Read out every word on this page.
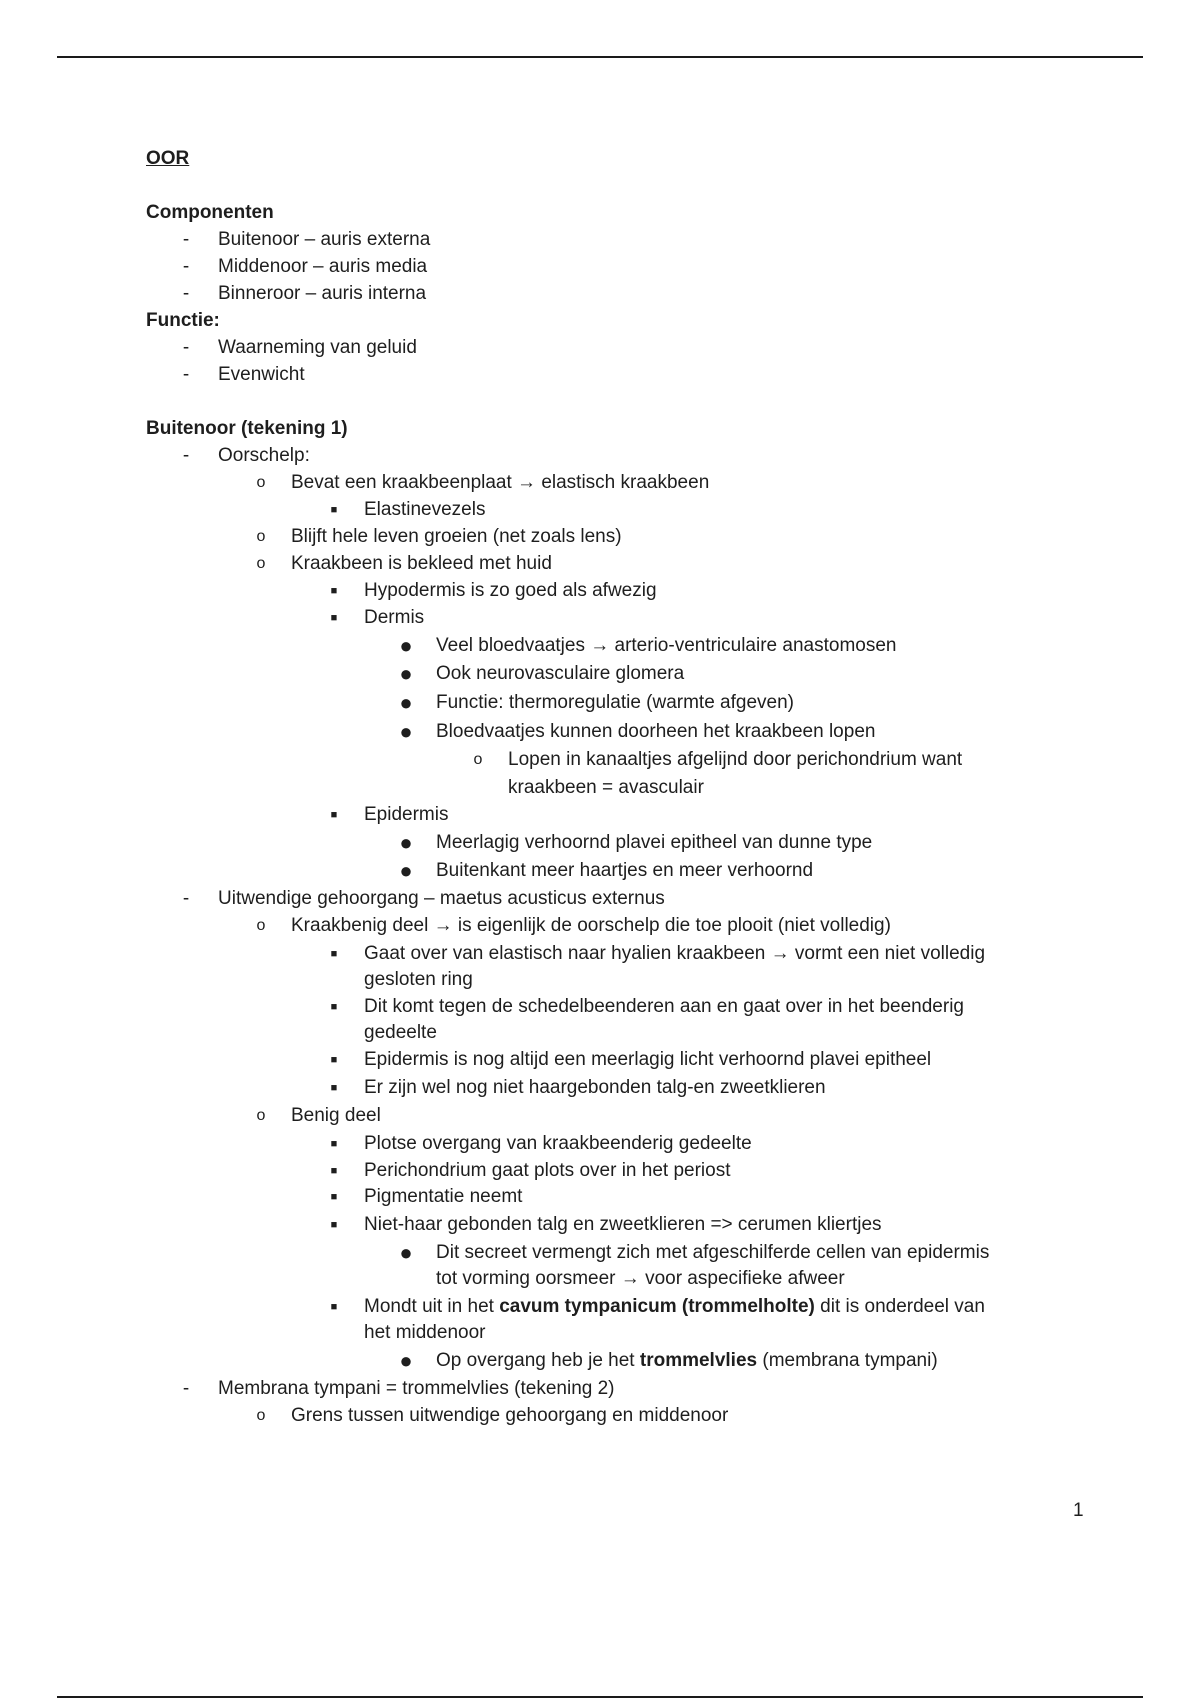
OOR
Componenten
-	Buitenoor – auris externa
-	Middenoor – auris media
-	Binneroor – auris interna
Functie:
-	Waarneming van geluid
-	Evenwicht
Buitenoor (tekening 1)
-	Oorschelp:
o Bevat een kraakbeenplaat → elastisch kraakbeen
■	Elastinevezels
o Blijft hele leven groeien (net zoals lens)
o Kraakbeen is bekleed met huid
■	Hypodermis is zo goed als afwezig
■	Dermis
● Veel bloedvaatjes → arterio-ventriculaire anastomosen
● Ook neurovasculaire glomera
● Functie: thermoregulatie (warmte afgeven)
● Bloedvaatjes kunnen doorheen het kraakbeen lopen
o Lopen in kanaaltjes afgelijnd door perichondrium want
kraakbeen = avasculair
■	Epidermis
● Meerlagig verhoornd plavei epitheel van dunne type
● Buitenkant meer haartjes en meer verhoornd
-	Uitwendige gehoorgang – maetus acusticus externus
o Kraakbenig deel → is eigenlijk de oorschelp die toe plooit (niet volledig)
■	Gaat over van elastisch naar hyalien kraakbeen → vormt een niet volledig
gesloten ring
■	Dit komt tegen de schedelbeenderen aan en gaat over in het beenderig
gedeelte
■	Epidermis is nog altijd een meerlagig licht verhoornd plavei epitheel
■	Er zijn wel nog niet haargebonden talg-en zweetklieren
o Benig deel
■	Plotse overgang van kraakbeenderig gedeelte
■	Perichondrium gaat plots over in het periost
■	Pigmentatie neemt
■	Niet-haar gebonden talg en zweetklieren => cerumen kliertjes
● Dit secreet vermengt zich met afgeschilferde cellen van epidermis
tot vorming oorsmeer → voor aspecifieke afweer
■	Mondt uit in het cavum tympanicum (trommelholte) dit is onderdeel van
het middenoor
● Op overgang heb je het trommelvlies (membrana tympani)
-	Membrana tympani = trommelvlies (tekening 2)
o Grens tussen uitwendige gehoorgang en middenoor
1
